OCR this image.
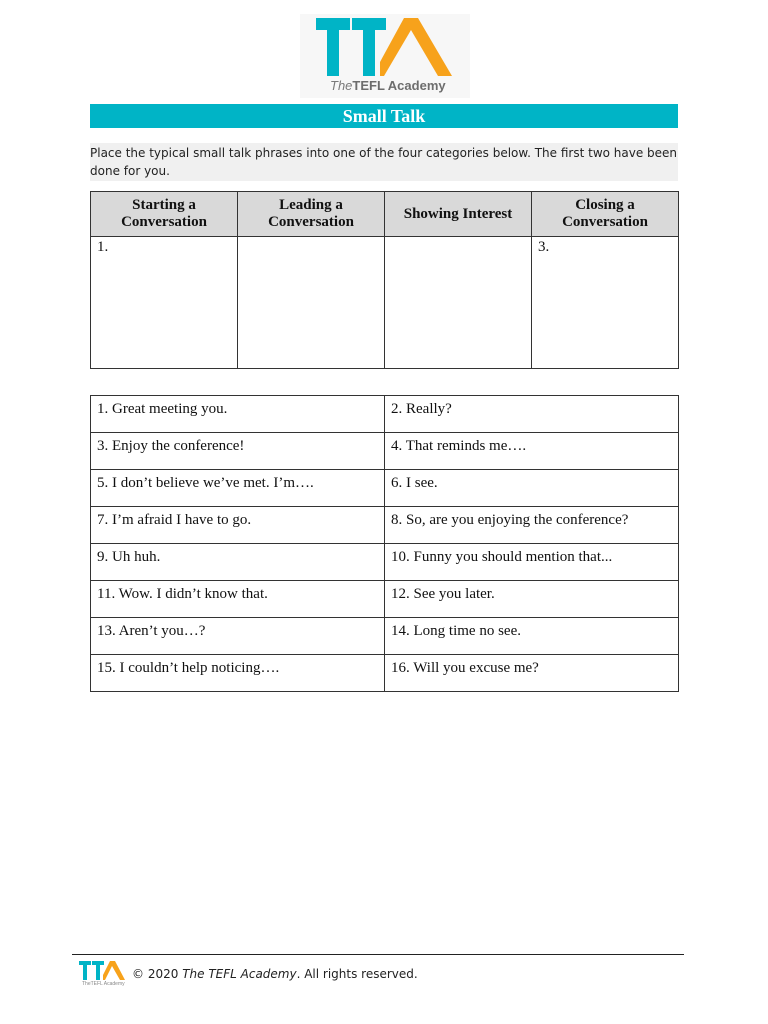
TheTEFL Academy
Small Talk
Place the typical small talk phrases into one of the four categories below. The first two have been done for you.
Starting a Conversation	Leading a Conversation	Showing Interest	Closing a Conversation
1.			3.
1. Great meeting you.	2. Really?
3. Enjoy the conference!	4. That reminds me….
5. I don’t believe we’ve met. I’m….	6. I see.
7. I’m afraid I have to go.	8. So, are you enjoying the conference?
9. Uh huh.	10. Funny you should mention that...
11. Wow. I didn’t know that.	12. See you later.
13. Aren’t you…?	14. Long time no see.
15. I couldn’t help noticing….	16. Will you excuse me?
TheTEFL Academy
© 2020 The TEFL Academy. All rights reserved.
